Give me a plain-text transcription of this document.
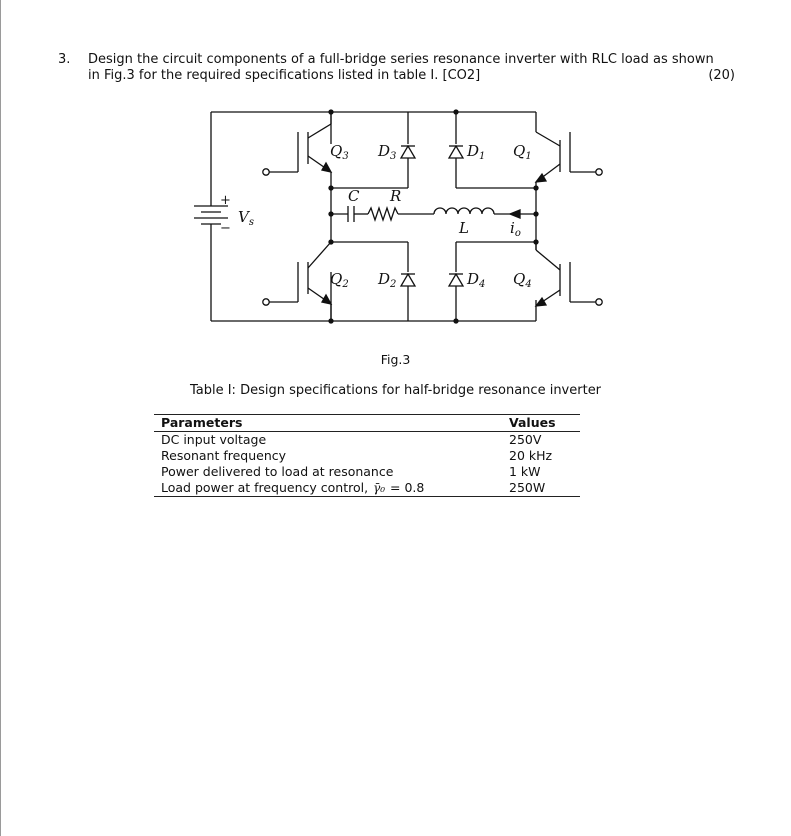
3. Design the circuit components of a full-bridge series resonance inverter with RLC load as shown
in Fig.3 for the required specifications listed in table I. [CO2]	(20)
$Q_3$ $D_3$	$D_1$ $Q_1$
$Q_2$ $D_2$	$D_4$ $Q_4$
C R
L	$i_o$
$V_s$
+
−
Fig.3
Table I: Design specifications for half-bridge resonance inverter
Parameters	Values
DC input voltage	250V
Resonant frequency	20 kHz
Power delivered to load at resonance	1 kW
Load power at frequency control, γ̄₀ = 0.8	250W
